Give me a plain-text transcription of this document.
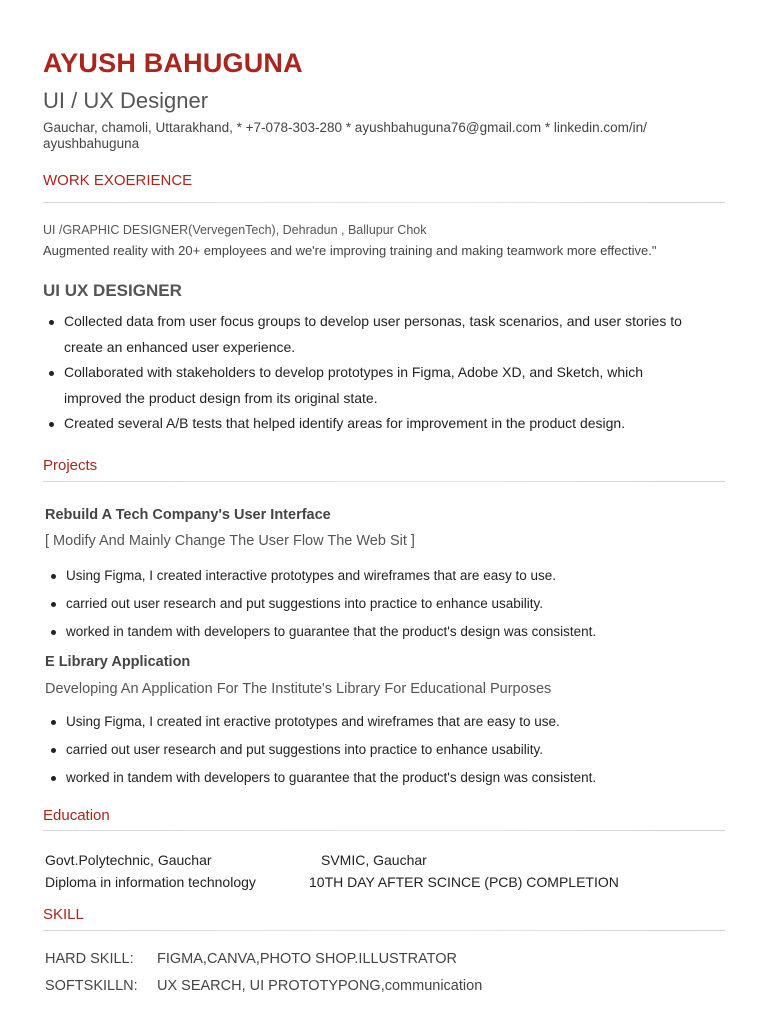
AYUSH BAHUGUNA
UI / UX Designer
Gauchar, chamoli, Uttarakhand, * +7-078-303-280 * ayushbahuguna76@gmail.com * linkedin.com/in/ ayushbahuguna
WORK EXOERIENCE
UI /GRAPHIC DESIGNER(VervegenTech), Dehradun , Ballupur Chok
Augmented reality with 20+ employees and we're improving training and making teamwork more effective."
UI UX DESIGNER
Collected data from user focus groups to develop user personas, task scenarios, and user stories to create an enhanced user experience.
Collaborated with stakeholders to develop prototypes in Figma, Adobe XD, and Sketch, which improved the product design from its original state.
Created several A/B tests that helped identify areas for improvement in the product design.
Projects
Rebuild A Tech Company's User Interface
[ Modify And Mainly Change The User Flow The Web Sit ]
Using Figma, I created interactive prototypes and wireframes that are easy to use.
carried out user research and put suggestions into practice to enhance usability.
worked in tandem with developers to guarantee that the product's design was consistent.
E Library Application
Developing An Application For The Institute's Library For Educational Purposes
Using Figma, I created int eractive prototypes and wireframes that are easy to use.
carried out user research and put suggestions into practice to enhance usability.
worked in tandem with developers to guarantee that the product's design was consistent.
Education
Govt.Polytechnic, Gauchar
Diploma in information technology
SVMIC, Gauchar
10TH DAY AFTER SCINCE (PCB) COMPLETION
SKILL
HARD SKILL: FIGMA,CANVA,PHOTO SHOP.ILLUSTRATOR
SOFTSKILLN: UX SEARCH, UI PROTOTYPONG,communication
